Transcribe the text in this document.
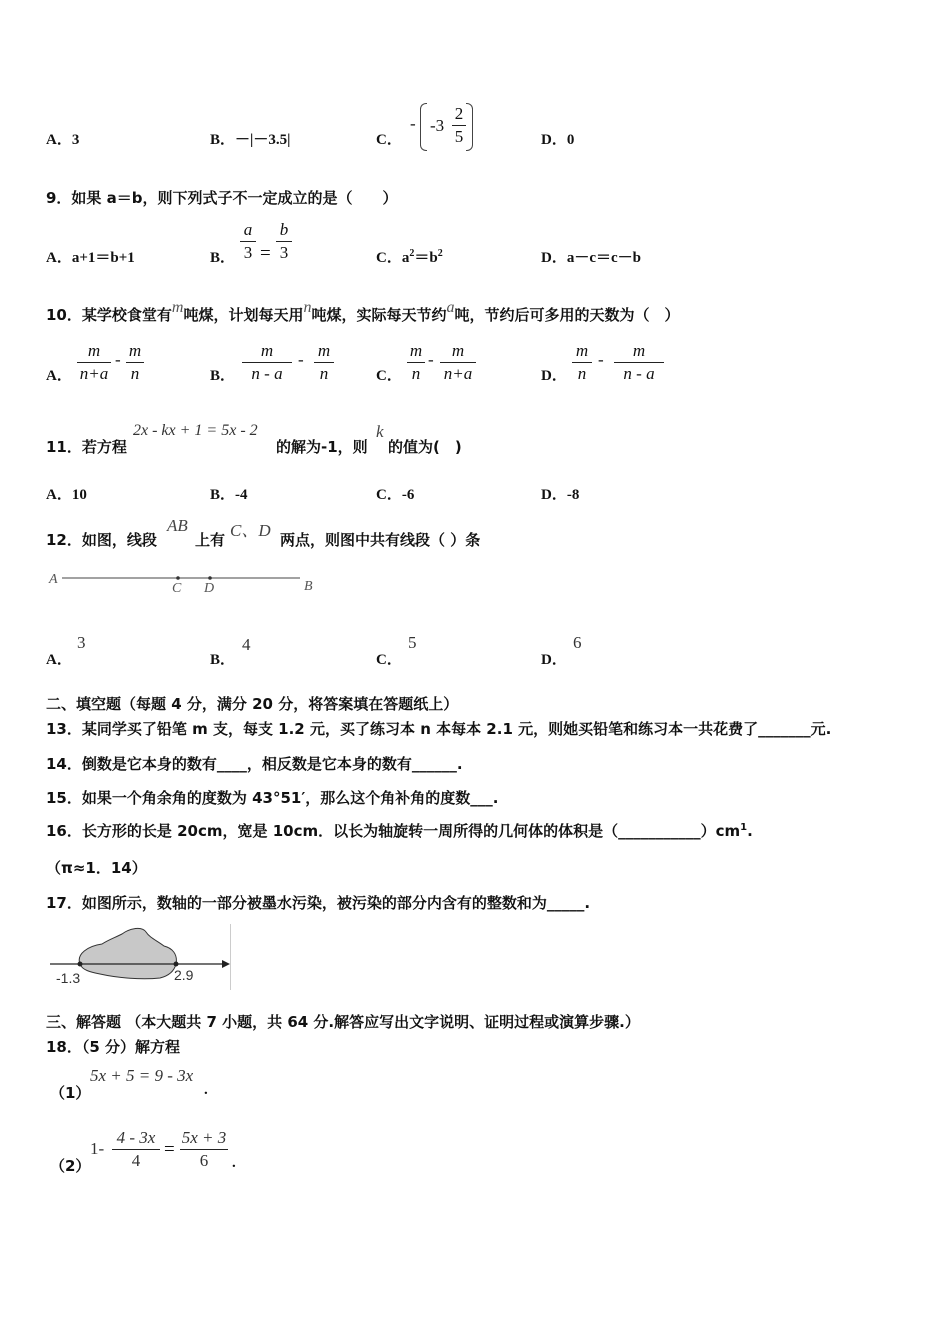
A．3	B．－|－3.5|	C．
- -3
2
5	D．0
9．如果 a＝b，则下列式子不一定成立的是（　　）
A．a+1＝b+1	B．
a
3 =
b
3	C．$a^2=b^2$	D．a－c＝c－b
10．某学校食堂有m吨煤，计划每天用n吨煤，实际每天节约a吨，节约后可多用的天数为（　）
A．
m
n+a
- m
n	B．
m
n - a
- m
n	C．
m
n
-	m
n+a	D．
m
n
-	m
n - a
11．若方程
2x - kx + 1 = 5x - 2
的解为-1，则
k
的值为(　)
A．10	B．-4	C．-6	D．-8
12．如图，线段
AB
上有 C、D 两点，则图中共有线段（ ）条
A
C D	B
A．
3
B．
4
C．
5
D．
6
二、填空题（每题 4 分，满分 20 分，将答案填在答题纸上）
13．某同学买了铅笔 m 支，每支 1.2 元，买了练习本 n 本每本 2.1 元，则她买铅笔和练习本一共花费了_______元.
14．倒数是它本身的数有____，相反数是它本身的数有______.
15．如果一个角余角的度数为 43°51′，那么这个角补角的度数___.
16．长方形的长是 20cm，宽是 10cm．以长为轴旋转一周所得的几何体的体积是$(\_\_\_\_\_\_\_\_\_\_\_)cm^1$.
（π≈1．14）
17．如图所示，数轴的一部分被墨水污染，被污染的部分内含有的整数和为_____.
-1.3	2.9
三、解答题 （本大题共 7 小题，共 64 分.解答应写出文字说明、证明过程或演算步骤.）
18．（5 分）解方程
（1）
5x + 5 = 9 - 3x
.
（2）
1-
4 - 3x
4
=
5x + 3
6	.
